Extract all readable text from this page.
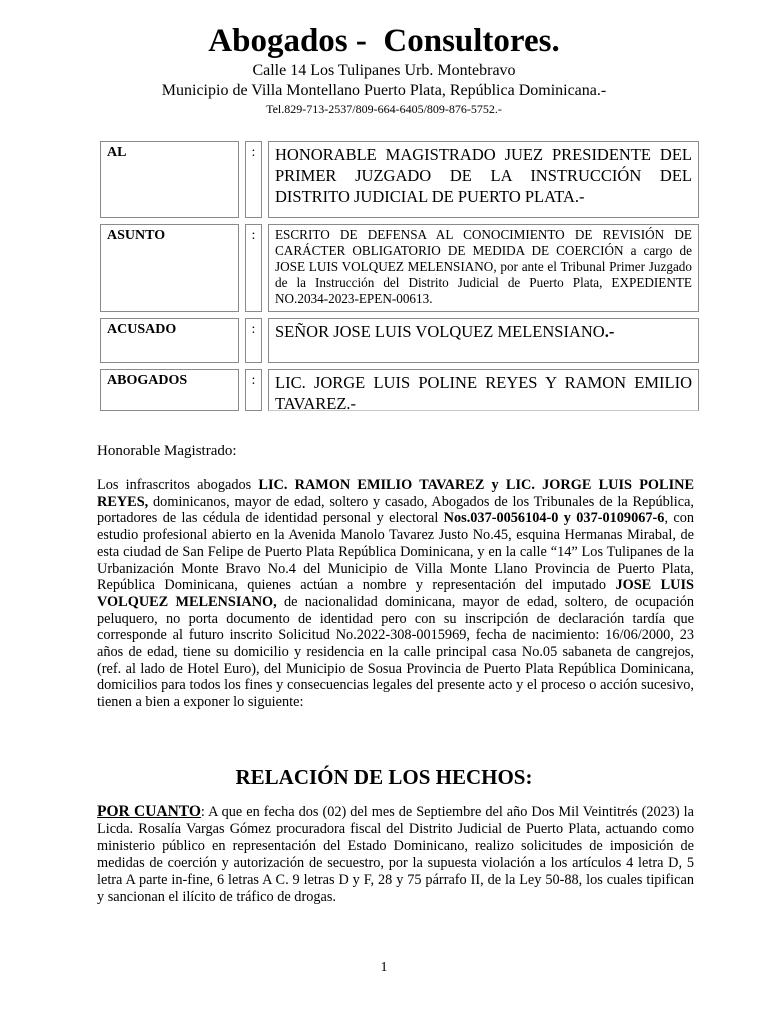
Abogados -  Consultores.
Calle 14 Los Tulipanes Urb. Montebravo
Municipio de Villa Montellano Puerto Plata, República Dominicana.-
Tel.829-713-2537/809-664-6405/809-876-5752.-
AL	:	HONORABLE MAGISTRADO JUEZ PRESIDENTE DEL PRIMER JUZGADO DE LA INSTRUCCIÓN DEL DISTRITO JUDICIAL DE PUERTO PLATA.-

ASUNTO	:	ESCRITO DE DEFENSA AL CONOCIMIENTO DE REVISIÓN DE CARÁCTER OBLIGATORIO DE MEDIDA DE COERCIÓN a cargo de JOSE LUIS VOLQUEZ MELENSIANO, por ante el Tribunal Primer Juzgado de la Instrucción del Distrito Judicial de Puerto Plata, EXPEDIENTE NO.2034-2023-EPEN-00613.

ACUSADO	:	SEÑOR JOSE LUIS VOLQUEZ MELENSIANO.-

ABOGADOS	:	LIC. JORGE LUIS POLINE REYES Y RAMON EMILIO TAVAREZ.-
Honorable Magistrado:
Los infrascritos abogados LIC. RAMON EMILIO TAVAREZ y LIC. JORGE LUIS POLINE REYES, dominicanos, mayor de edad, soltero y casado, Abogados de los Tribunales de la República, portadores de las cédula de identidad personal y electoral Nos.037-0056104-0 y 037-0109067-6, con estudio profesional abierto en la Avenida Manolo Tavarez Justo No.45, esquina Hermanas Mirabal, de esta ciudad de San Felipe de Puerto Plata República Dominicana, y en la calle “14” Los Tulipanes de la Urbanización Monte Bravo No.4 del Municipio de Villa Monte Llano Provincia de Puerto Plata, República Dominicana, quienes actúan a nombre y representación del imputado JOSE LUIS VOLQUEZ MELENSIANO, de nacionalidad dominicana, mayor de edad, soltero, de ocupación peluquero, no porta documento de identidad pero con su inscripción de declaración tardía que corresponde al futuro inscrito Solicitud No.2022-308-0015969, fecha de nacimiento: 16/06/2000, 23 años de edad, tiene su domicilio y residencia en la calle principal casa No.05 sabaneta de cangrejos, (ref. al lado de Hotel Euro), del Municipio de Sosua Provincia de Puerto Plata República Dominicana, domicilios para todos los fines y consecuencias legales del presente acto y el proceso o acción sucesivo, tienen a bien a exponer lo siguiente:
RELACIÓN DE LOS HECHOS:
POR CUANTO: A que en fecha dos (02) del mes de Septiembre del año Dos Mil Veintitrés (2023) la Licda. Rosalía Vargas Gómez procuradora fiscal del Distrito Judicial de Puerto Plata, actuando como ministerio público en representación del Estado Dominicano, realizo solicitudes de imposición de medidas de coerción y autorización de secuestro, por la supuesta violación a los artículos 4 letra D, 5 letra A parte in-fine, 6 letras A C. 9 letras D y F, 28 y 75 párrafo II, de la Ley 50-88, los cuales tipifican y sancionan el ilícito de tráfico de drogas.
1
